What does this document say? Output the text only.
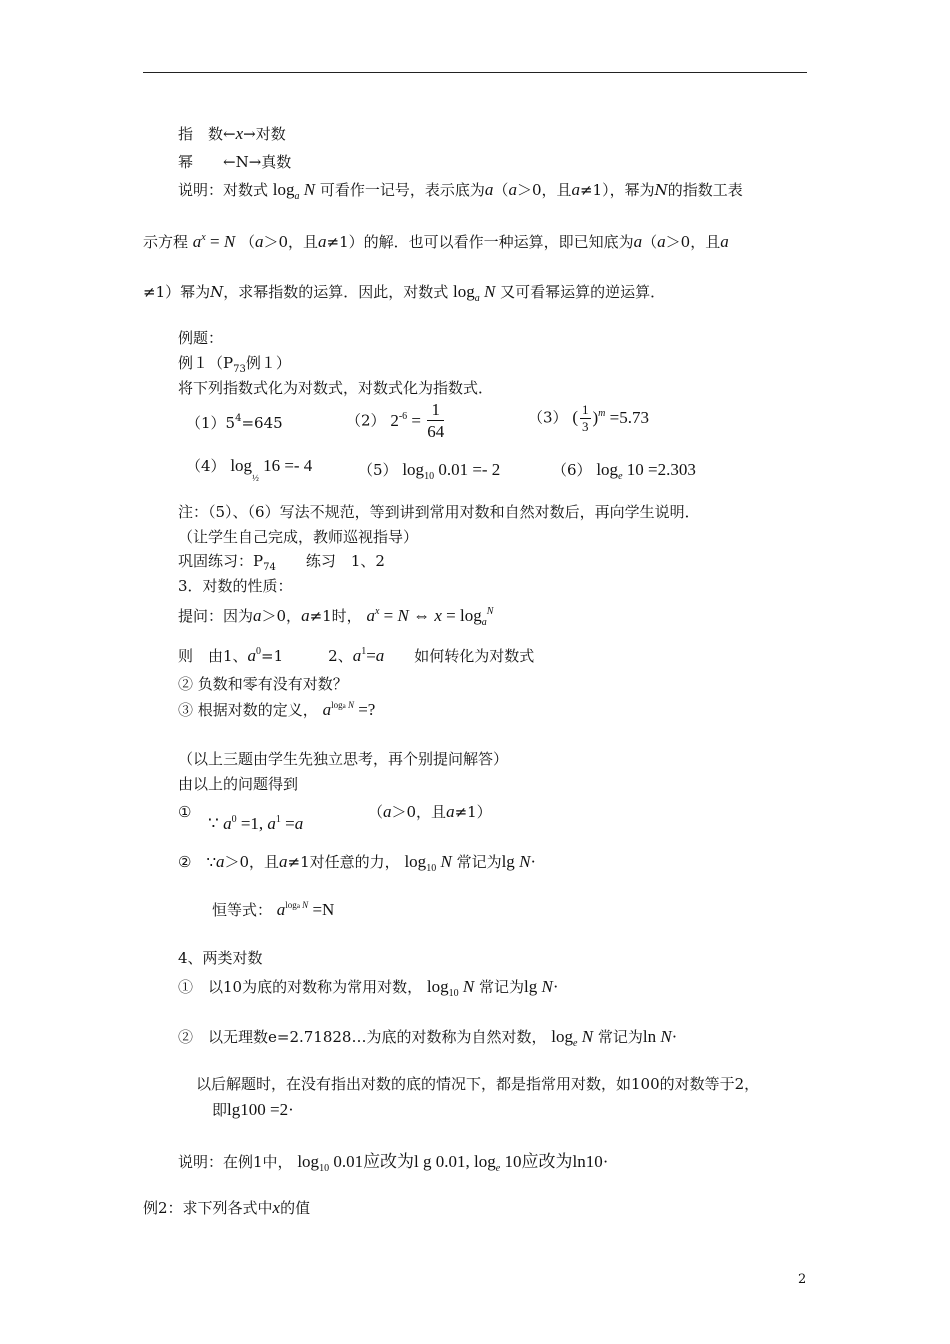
指　数←x→对数
幂　　←N→真数
说明：对数式 $\log_a N$ 可看作一记号，表示底为a（a＞0，且a≠1），幂为N的指数工表
示方程 $a^x = N$ （a＞0，且a≠1）的解．也可以看作一种运算，即已知底为a（a＞0，且a
≠1）幂为N，求幂指数的运算．因此，对数式 $\log_a N$ 又可看幂运算的逆运算．
例题：
例$1(P_{73}$例１）
将下列指数式化为对数式，对数式化为指数式．
$(1)5^4=645$	（2） $2^{-6} = \frac{1}{64}$	（3） ( $\frac{1}{3} )^m =5.73$
（4） $\log_{\frac{1}{2}} 16 =- 4$	（5） $\log_{10} 0.01 =- 2$	（6） $\log_e 10 =2.303$
注：（5）、（6）写法不规范，等到讲到常用对数和自然对数后，再向学生说明．
（让学生自己完成，教师巡视指导）
巩固练习：$P_{74}$　　练习　1、2
3．对数的性质：
提问：因为a＞0，a≠1时， $a^x = N$ ⇔ $x = \log_a^N$
则　由1、$a^0=1$　　　2、$a^1=a$　　如何转化为对数式
② 负数和零有没有对数？
③ 根据对数的定义， $a^{loga N}$ =?
（以上三题由学生先独立思考，再个别提问解答）
由以上的问题得到
①
∵ $a^0 =1$, $a^1 =a$
（a＞0，且a≠1）
②　∵a＞0，且a≠1对任意的力， $\log_{10} N$ 常记为lg N·
恒等式： $a^{loga N} =N$
4、两类对数
①　以10为底的对数称为常用对数， $\log_{10} N$ 常记为lg N·
②　以无理数e=2.71828…为底的对数称为自然对数， $\log_e N$ 常记为ln N·
以后解题时，在没有指出对数的底的情况下，都是指常用对数，如100的对数等于2，
即lg100 =2·
说明：在例1中， $\log_{10} 0.01$应改为l g 0.01, $\log_e 10$应改为ln10·
例2：求下列各式中x的值
2
